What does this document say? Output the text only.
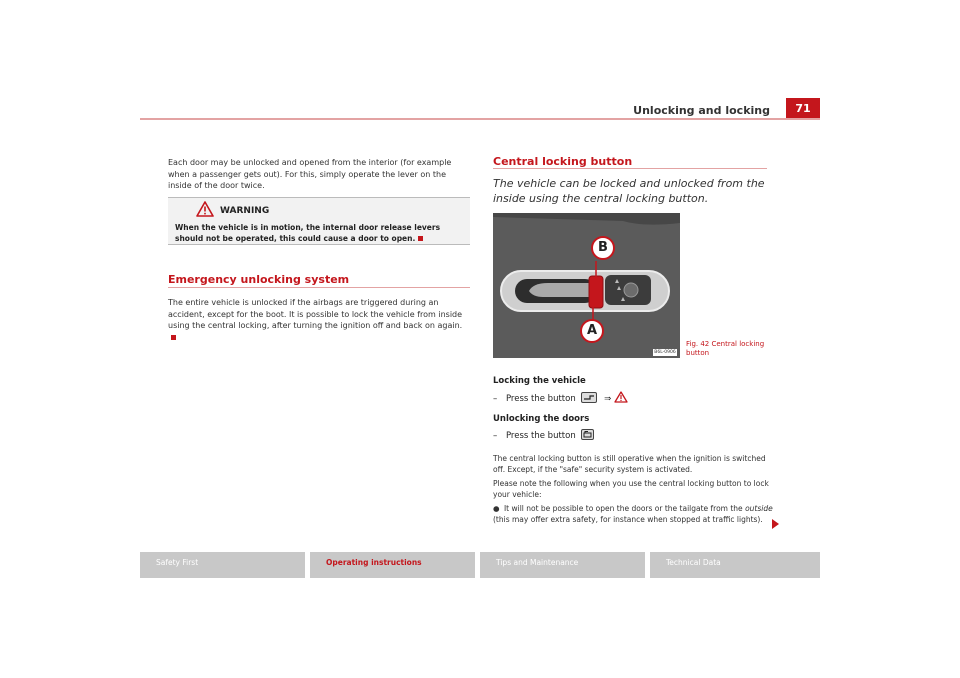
Unlocking and locking	71
Each door may be unlocked and opened from the interior (for example when a passenger gets out). For this, simply operate the lever on the inside of the door twice.
WARNING
When the vehicle is in motion, the internal door release levers should not be operated, this could cause a door to open.
Emergency unlocking system
The entire vehicle is unlocked if the airbags are triggered during an accident, except for the boot. It is possible to lock the vehicle from inside using the central locking, after turning the ignition off and back on again.
Central locking button
The vehicle can be locked and unlocked from the inside using the central locking button.
B
A
B6L-0906
Fig. 42 Central locking button
Locking the vehicle
– Press the button	⇒
Unlocking the doors
– Press the button
The central locking button is still operative when the ignition is switched off. Except, if the "safe" security system is activated.
Please note the following when you use the central locking button to lock your vehicle:
● It will not be possible to open the doors or the tailgate from the outside (this may offer extra safety, for instance when stopped at traffic lights).
Safety First	Operating instructions	Tips and Maintenance	Technical Data
